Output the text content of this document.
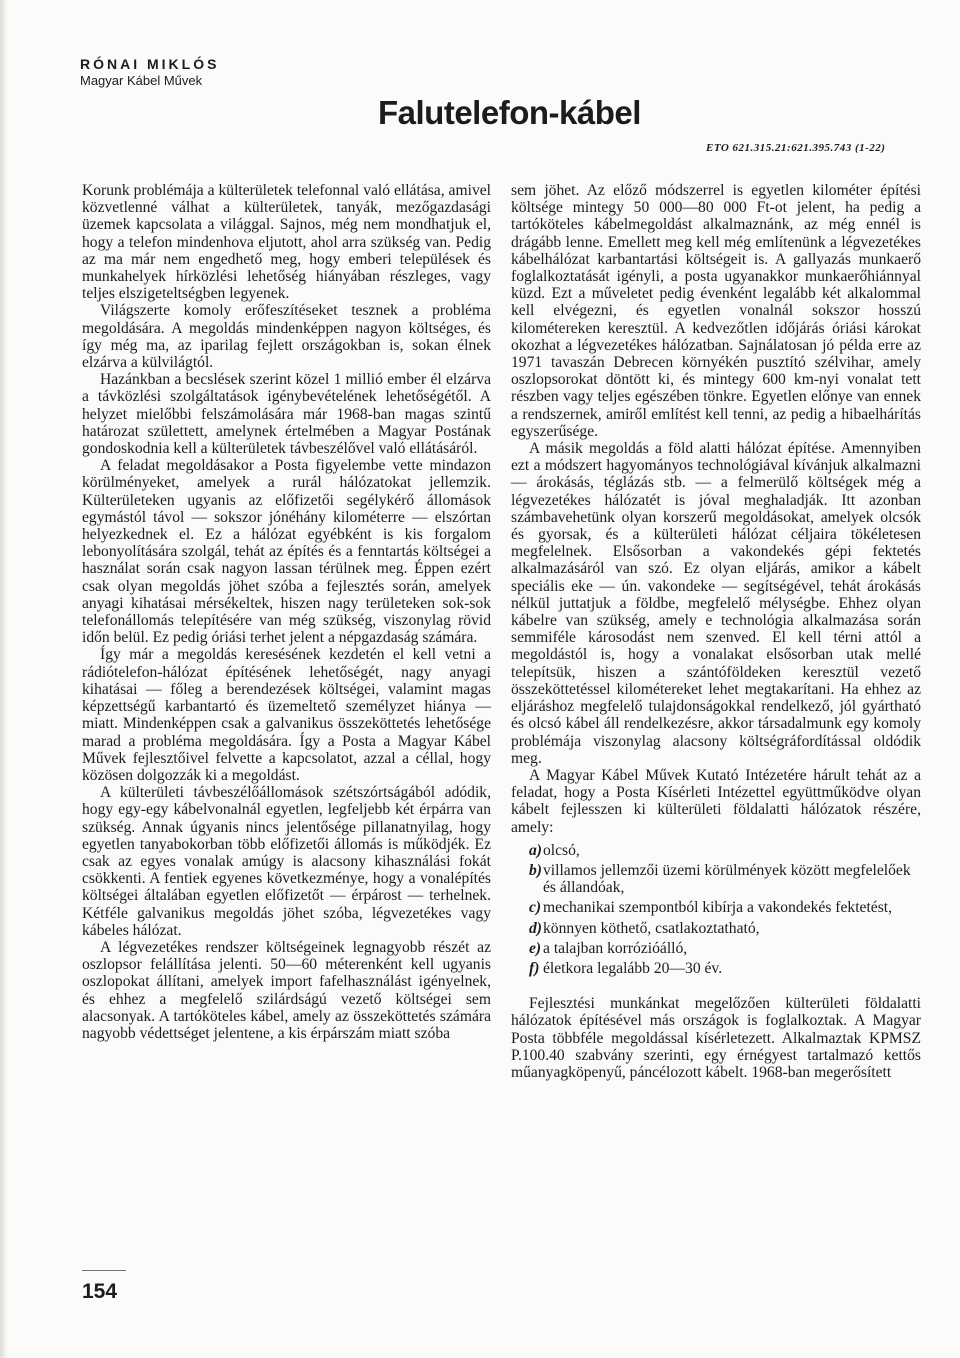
RÓNAI MIKLÓS
Magyar Kábel Művek
Falutelefon-kábel
ETO 621.315.21:621.395.743 (1-22)

Korunk problémája a külterületek telefonnal való ellátása, amivel közvetlenné válhat a külterületek, tanyák, mezőgazdasági üzemek kapcsolata a világgal. Sajnos, még nem mondhatjuk el, hogy a telefon mindenhova eljutott, ahol arra szükség van. Pedig az ma már nem engedhető meg, hogy emberi települések és munkahelyek hírközlési lehetőség hiányában részleges, vagy teljes elszigeteltségben legyenek.

Világszerte komoly erőfeszítéseket tesznek a probléma megoldására. A megoldás mindenképpen nagyon költséges, és így még ma, az iparilag fejlett országokban is, sokan élnek elzárva a külvilágtól.

Hazánkban a becslések szerint közel 1 millió ember él elzárva a távközlési szolgáltatások igénybevételének lehetőségétől. A helyzet mielőbbi felszámolására már 1968-ban magas szintű határozat születtett, amelynek értelmében a Magyar Postának gondoskodnia kell a külterületek távbeszélővel való ellátásáról.

A feladat megoldásakor a Posta figyelembe vette mindazon körülményeket, amelyek a rurál hálózatokat jellemzik. Külterületeken ugyanis az előfizetői segélykérő állomások egymástól távol — sokszor jónéhány kilométerre — elszórtan helyezkednek el. Ez a hálózat egyébként is kis forgalom lebonyolítására szolgál, tehát az építés és a fenntartás költségei a használat során csak nagyon lassan térülnek meg. Éppen ezért csak olyan megoldás jöhet szóba a fejlesztés során, amelyek anyagi kihatásai mérsékeltek, hiszen nagy területeken sok-sok telefonállomás telepítésére van még szükség, viszonylag rövid időn belül. Ez pedig óriási terhet jelent a népgazdaság számára.

Így már a megoldás keresésének kezdetén el kell vetni a rádiótelefon-hálózat építésének lehetőségét, nagy anyagi kihatásai — főleg a berendezések költségei, valamint magas képzettségű karbantartó és üzemeltető személyzet hiánya — miatt. Mindenképpen csak a galvanikus összeköttetés lehetősége marad a probléma megoldására. Így a Posta a Magyar Kábel Művek fejlesztőivel felvette a kapcsolatot, azzal a céllal, hogy közösen dolgozzák ki a megoldást.

A külterületi távbeszélőállomások szétszórtságából adódik, hogy egy-egy kábelvonalnál egyetlen, legfeljebb két érpárra van szükség. Annak úgyanis nincs jelentősége pillanatnyilag, hogy egyetlen tanyabokorban több előfizetői állomás is működjék. Ez csak az egyes vonalak amúgy is alacsony kihasználási fokát csökkenti. A fentiek egyenes következménye, hogy a vonalépítés költségei általában egyetlen előfizetőt — érpárost — terhelnek. Kétféle galvanikus megoldás jöhet szóba, légvezetékes vagy kábeles hálózat.

A légvezetékes rendszer költségeinek legnagyobb részét az oszlopsor felállítása jelenti. 50—60 méterenként kell ugyanis oszlopokat állítani, amelyek import fafelhasználást igényelnek, és ehhez a megfelelő szilárdságú vezető költségei sem alacsonyak. A tartóköteles kábel, amely az összeköttetés számára nagyobb védettséget jelentene, a kis érpárszám miatt szóba

sem jöhet. Az előző módszerrel is egyetlen kilométer építési költsége mintegy 50 000—80 000 Ft-ot jelent, ha pedig a tartóköteles kábelmegoldást alkalmaznánk, az még ennél is drágább lenne. Emellett meg kell még említenünk a légvezetékes kábelhálózat karbantartási költségeit is. A gallyazás munkaerő foglalkoztatását igényli, a posta ugyanakkor munkaerőhiánnyal küzd. Ezt a műveletet pedig évenként legalább két alkalommal kell elvégezni, és egyetlen vonalnál sokszor hosszú kilométereken keresztül. A kedvezőtlen időjárás óriási károkat okozhat a légvezetékes hálózatban. Sajnálatosan jó példa erre az 1971 tavaszán Debrecen környékén pusztító szélvihar, amely oszlopsorokat döntött ki, és mintegy 600 km-nyi vonalat tett részben vagy teljes egészében tönkre. Egyetlen előnye van ennek a rendszernek, amiről említést kell tenni, az pedig a hibaelhárítás egyszerűsége.

A másik megoldás a föld alatti hálózat építése. Amennyiben ezt a módszert hagyományos technológiával kívánjuk alkalmazni — árokásás, téglázás stb. — a felmerülő költségek még a légvezetékes hálózatét is jóval meghaladják. Itt azonban számbavehetünk olyan korszerű megoldásokat, amelyek olcsók és gyorsak, és a külterületi hálózat céljaira tökéletesen megfelelnek. Elsősorban a vakondekés gépi fektetés alkalmazásáról van szó. Ez olyan eljárás, amikor a kábelt speciális eke — ún. vakondeke — segítségével, tehát árokásás nélkül juttatjuk a földbe, megfelelő mélységbe. Ehhez olyan kábelre van szükség, amely e technológia alkalmazása során semmiféle károsodást nem szenved. El kell térni attól a megoldástól is, hogy a vonalakat elsősorban utak mellé telepítsük, hiszen a szántóföldeken keresztül vezető összeköttetéssel kilométereket lehet megtakarítani. Ha ehhez az eljáráshoz megfelelő tulajdonságokkal rendelkező, jól gyártható és olcsó kábel áll rendelkezésre, akkor társadalmunk egy komoly problémája viszonylag alacsony költségráfordítással oldódik meg.

A Magyar Kábel Művek Kutató Intézetére hárult tehát az a feladat, hogy a Posta Kísérleti Intézettel együttműködve olyan kábelt fejlesszen ki külterületi földalatti hálózatok részére, amely:

a) olcsó,
b) villamos jellemzői üzemi körülmények között megfelelőek és állandóak,
c) mechanikai szempontból kibírja a vakondekés fektetést,
d) könnyen köthető, csatlakoztatható,
e) a talajban korrózióálló,
f) életkora legalább 20—30 év.

Fejlesztési munkánkat megelőzően külterületi földalatti hálózatok építésével más országok is foglalkoztak. A Magyar Posta többféle megoldással kísérletezett. Alkalmaztak KPMSZ P.100.40 szabvány szerinti, egy érnégyest tartalmazó kettős műanyagköpenyű, páncélozott kábelt. 1968-ban megerősített

154
